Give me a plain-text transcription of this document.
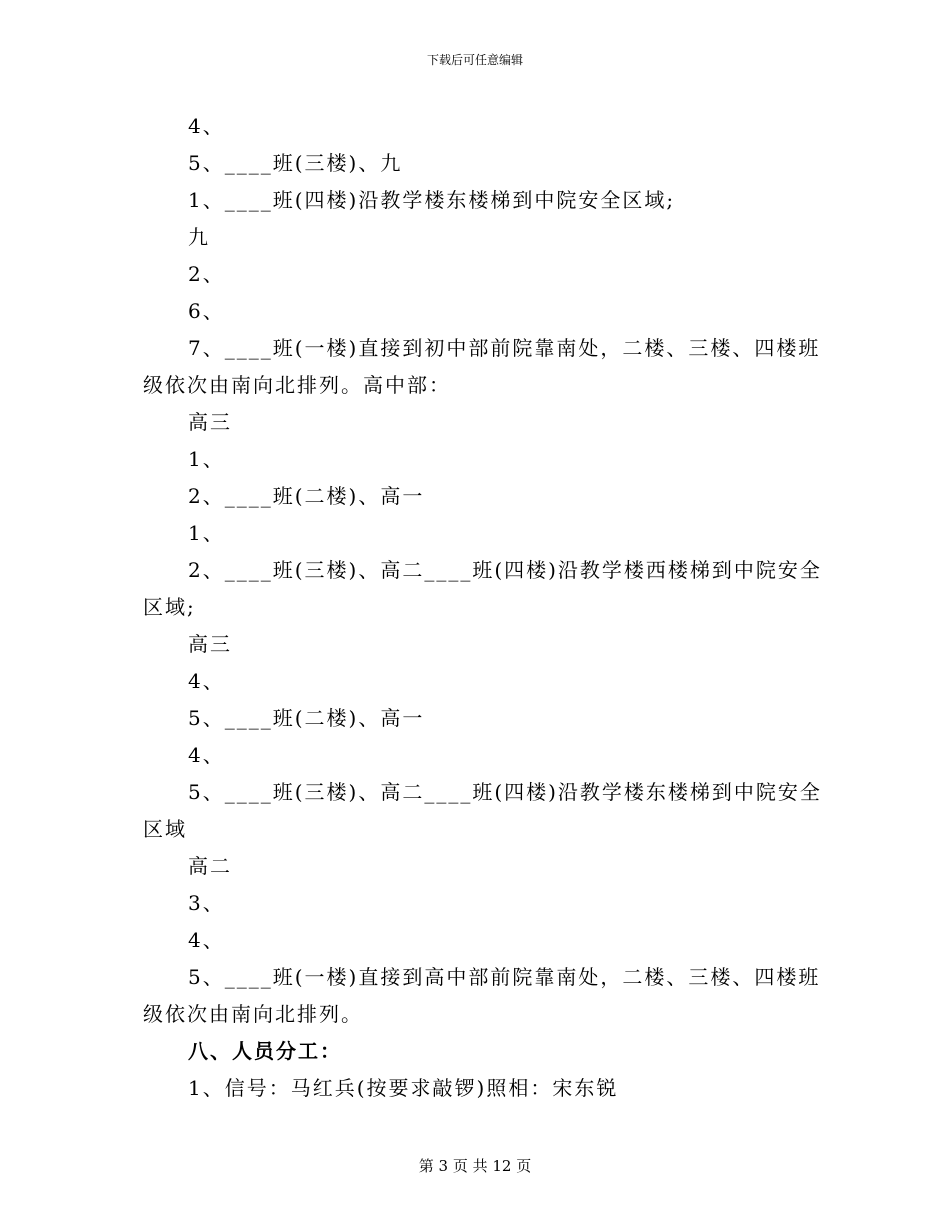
下载后可任意编辑
4、
5、____班(三楼)、九
1、____班(四楼)沿教学楼东楼梯到中院安全区域;
九
2、
6、
7、____班(一楼)直接到初中部前院靠南处，二楼、三楼、四楼班
级依次由南向北排列。高中部：
高三
1、
2、____班(二楼)、高一
1、
2、____班(三楼)、高二____班(四楼)沿教学楼西楼梯到中院安全
区域;
高三
4、
5、____班(二楼)、高一
4、
5、____班(三楼)、高二____班(四楼)沿教学楼东楼梯到中院安全
区域
高二
3、
4、
5、____班(一楼)直接到高中部前院靠南处，二楼、三楼、四楼班
级依次由南向北排列。
八、人员分工：
1、信号：马红兵(按要求敲锣)照相：宋东锐
第 3 页 共 12 页
